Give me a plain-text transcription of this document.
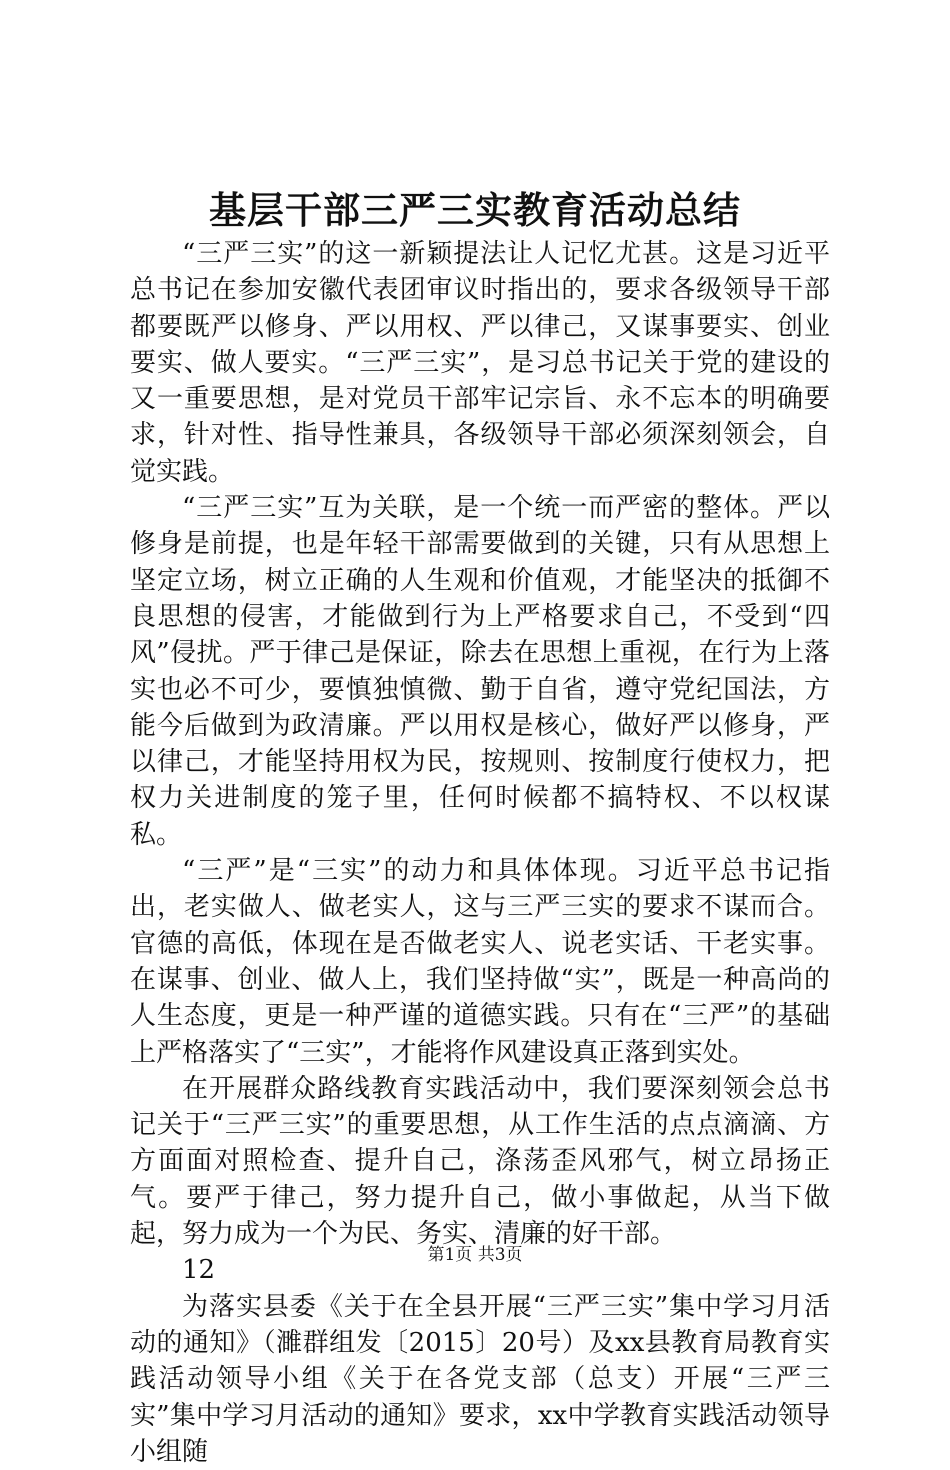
基层干部三严三实教育活动总结

“三严三实”的这一新颖提法让人记忆尤甚。这是习近平总书记在参加安徽代表团审议时指出的，要求各级领导干部都要既严以修身、严以用权、严以律己，又谋事要实、创业要实、做人要实。“三严三实”，是习总书记关于党的建设的又一重要思想，是对党员干部牢记宗旨、永不忘本的明确要求，针对性、指导性兼具，各级领导干部必须深刻领会，自觉实践。

“三严三实”互为关联，是一个统一而严密的整体。严以修身是前提，也是年轻干部需要做到的关键，只有从思想上坚定立场，树立正确的人生观和价值观，才能坚决的抵御不良思想的侵害，才能做到行为上严格要求自己，不受到“四风”侵扰。严于律己是保证，除去在思想上重视，在行为上落实也必不可少，要慎独慎微、勤于自省，遵守党纪国法，方能今后做到为政清廉。严以用权是核心，做好严以修身，严以律己，才能坚持用权为民，按规则、按制度行使权力，把权力关进制度的笼子里，任何时候都不搞特权、不以权谋私。

“三严”是“三实”的动力和具体体现。习近平总书记指出，老实做人、做老实人，这与三严三实的要求不谋而合。官德的高低，体现在是否做老实人、说老实话、干老实事。在谋事、创业、做人上，我们坚持做“实”，既是一种高尚的人生态度，更是一种严谨的道德实践。只有在“三严”的基础上严格落实了“三实”，才能将作风建设真正落到实处。

在开展群众路线教育实践活动中，我们要深刻领会总书记关于“三严三实”的重要思想，从工作生活的点点滴滴、方方面面对照检查、提升自己，涤荡歪风邪气，树立昂扬正气。要严于律己，努力提升自己，做小事做起，从当下做起，努力成为一个为民、务实、清廉的好干部。

12

为落实县委《关于在全县开展“三严三实”集中学习月活动的通知》（濉群组发〔2015〕20号）及xx县教育局教育实践活动领导小组《关于在各党支部（总支）开展“三严三实”集中学习月活动的通知》要求，xx中学教育实践活动领导小组随

第1页 共3页
